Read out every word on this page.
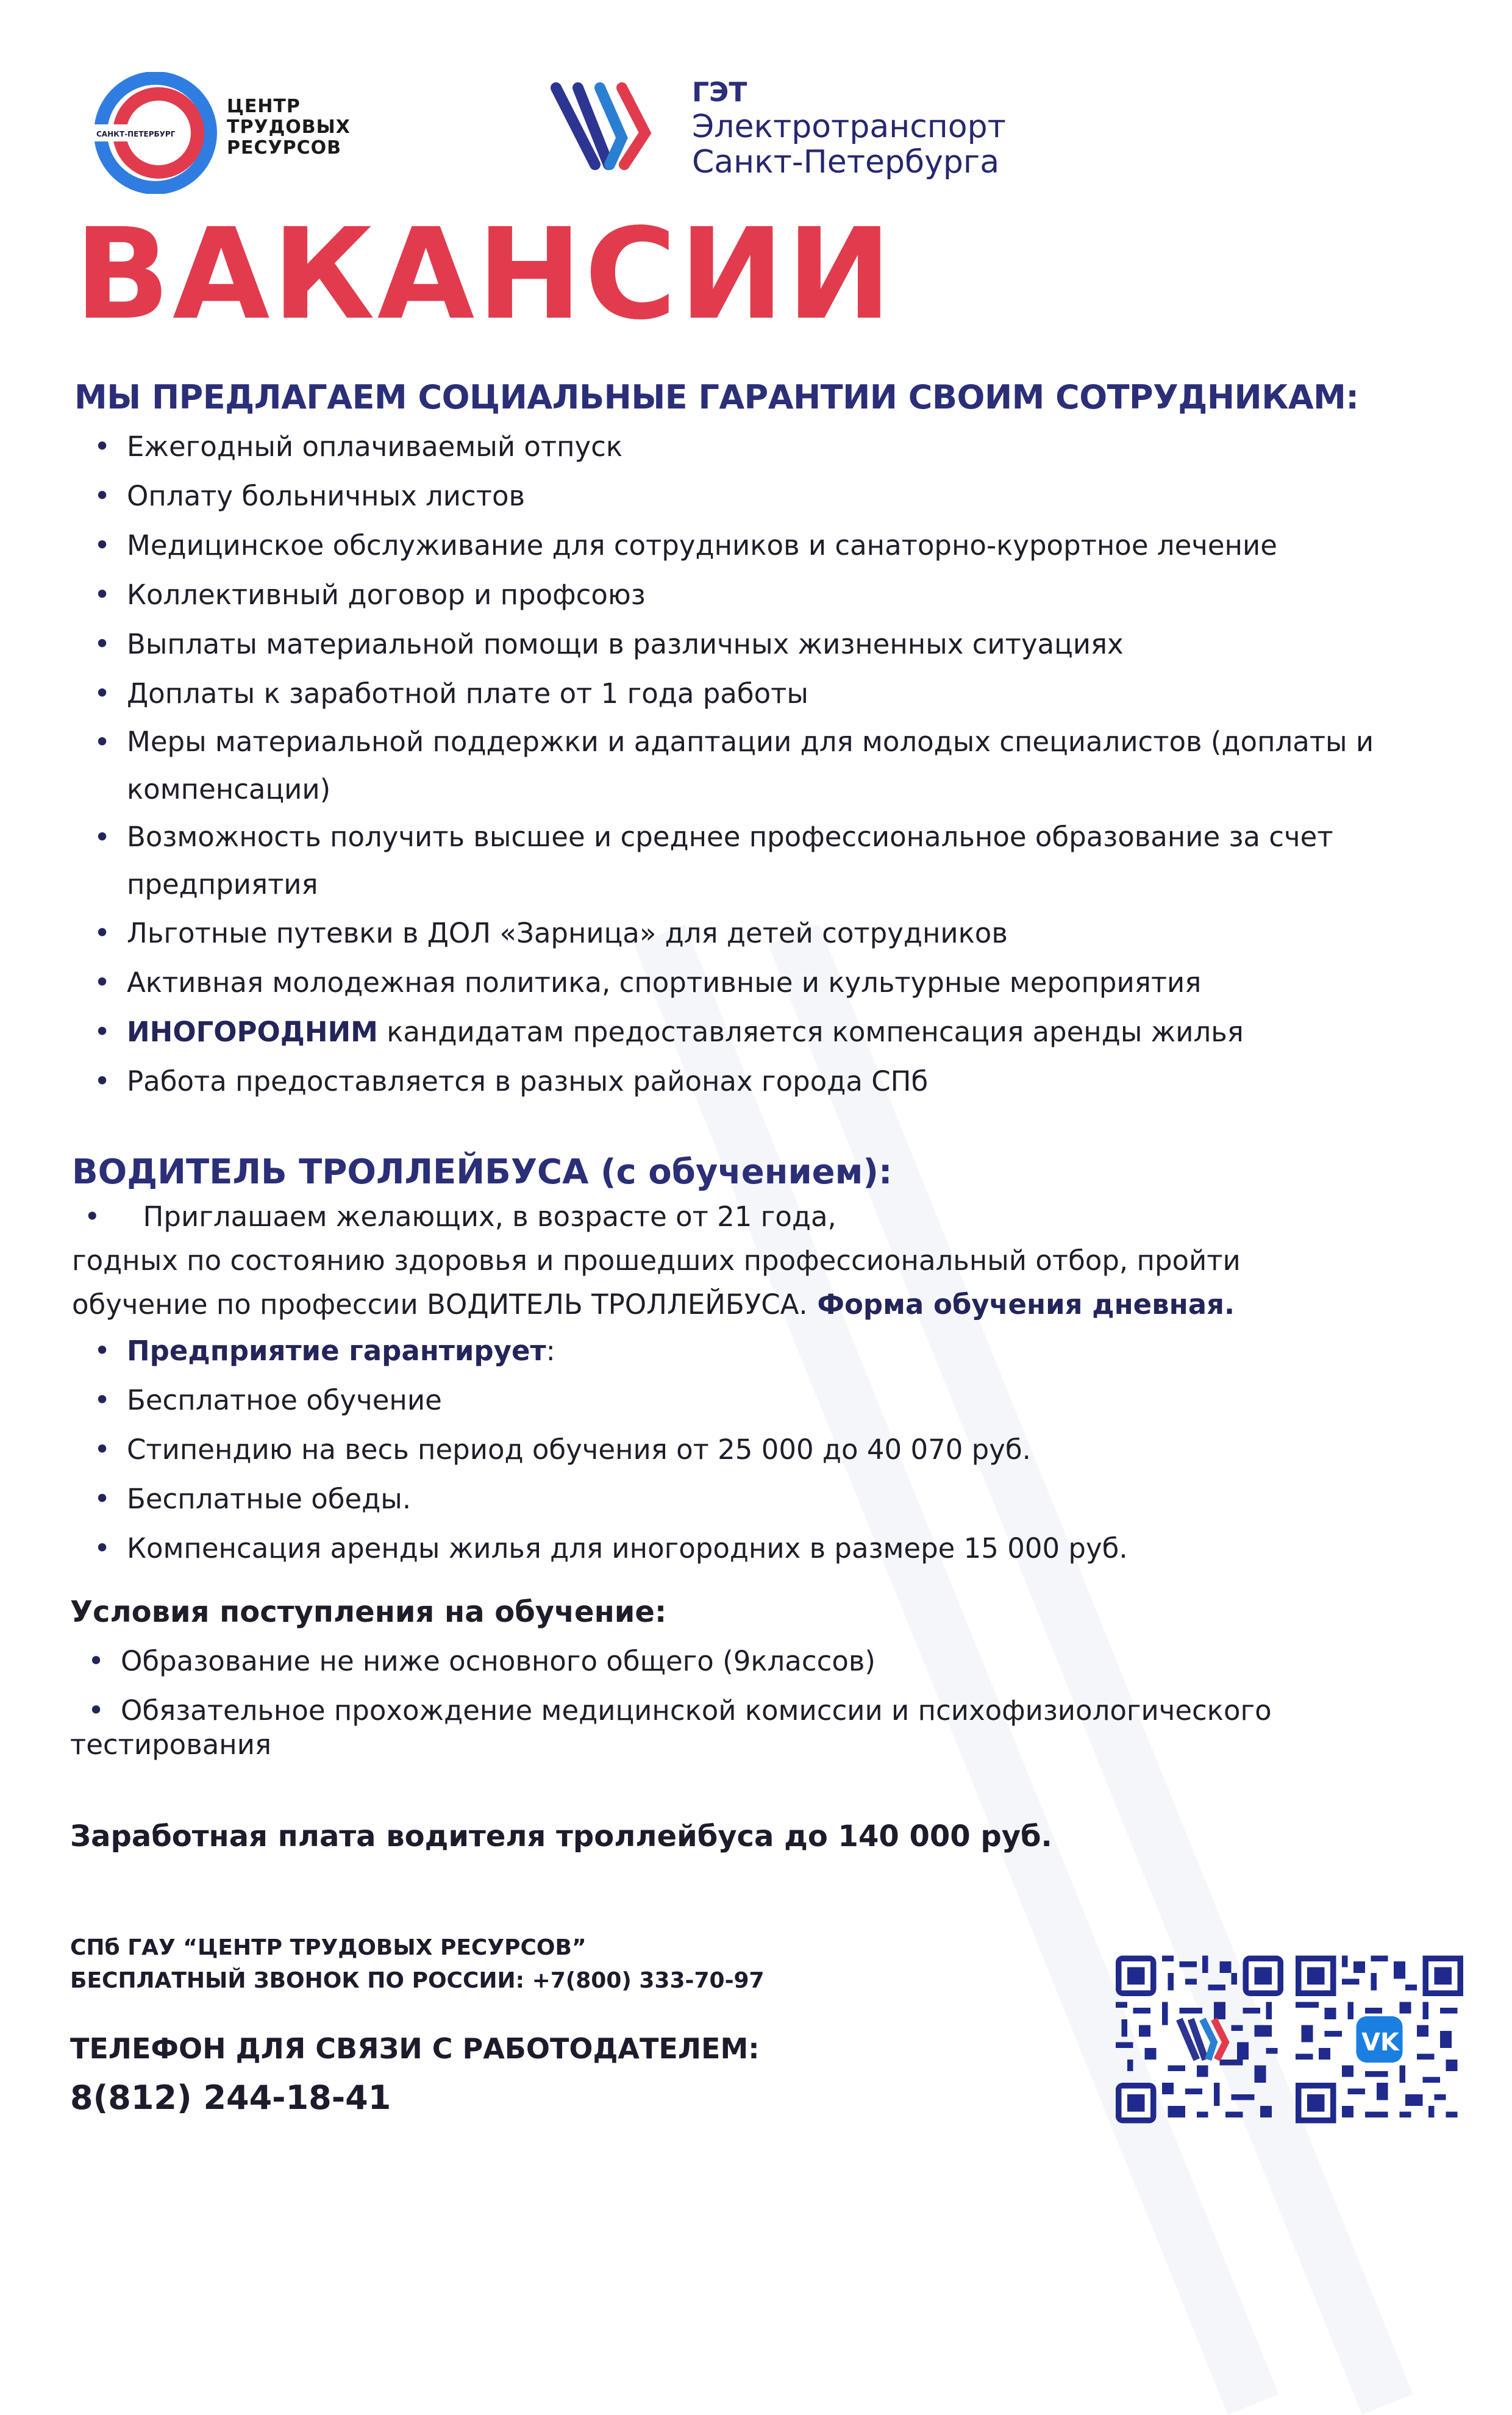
САНКТ-ПЕТЕРБУРГ
ЦЕНТР
ТРУДОВЫХ
РЕСУРСОВ
ГЭТ
Электротранспорт
Санкт-Петербурга
ВАКАНСИИ
МЫ ПРЕДЛАГАЕМ СОЦИАЛЬНЫЕ ГАРАНТИИ СВОИМ СОТРУДНИКАМ:
• Ежегодный оплачиваемый отпуск
• Оплату больничных листов
• Медицинское обслуживание для сотрудников и санаторно-курортное лечение
• Коллективный договор и профсоюз
• Выплаты материальной помощи в различных жизненных ситуациях
• Доплаты к заработной плате от 1 года работы
• Меры материальной поддержки и адаптации для молодых специалистов (доплаты и компенсации)
• Возможность получить высшее и среднее профессиональное образование за счет предприятия
• Льготные путевки в ДОЛ «Зарница» для детей сотрудников
• Активная молодежная политика, спортивные и культурные мероприятия
• ИНОГОРОДНИМ кандидатам предоставляется компенсация аренды жилья
• Работа предоставляется в разных районах города СПб
ВОДИТЕЛЬ ТРОЛЛЕЙБУСА (с обучением):
• Приглашаем желающих, в возрасте от 21 года,
годных по состоянию здоровья и прошедших профессиональный отбор, пройти
обучение по профессии ВОДИТЕЛЬ ТРОЛЛЕЙБУСА. Форма обучения дневная.
• Предприятие гарантирует:
• Бесплатное обучение
• Стипендию на весь период обучения от 25 000 до 40 070 руб.
• Бесплатные обеды.
• Компенсация аренды жилья для иногородних в размере 15 000 руб.
Условия поступления на обучение:
• Образование не ниже основного общего (9классов)
• Обязательное прохождение медицинской комиссии и психофизиологического
тестирования
Заработная плата водителя троллейбуса до 140 000 руб.
СПб ГАУ “ЦЕНТР ТРУДОВЫХ РЕСУРСОВ”
БЕСПЛАТНЫЙ ЗВОНОК ПО РОССИИ: +7(800) 333-70-97
ТЕЛЕФОН ДЛЯ СВЯЗИ С РАБОТОДАТЕЛЕМ:
8(812) 244-18-41
VK
